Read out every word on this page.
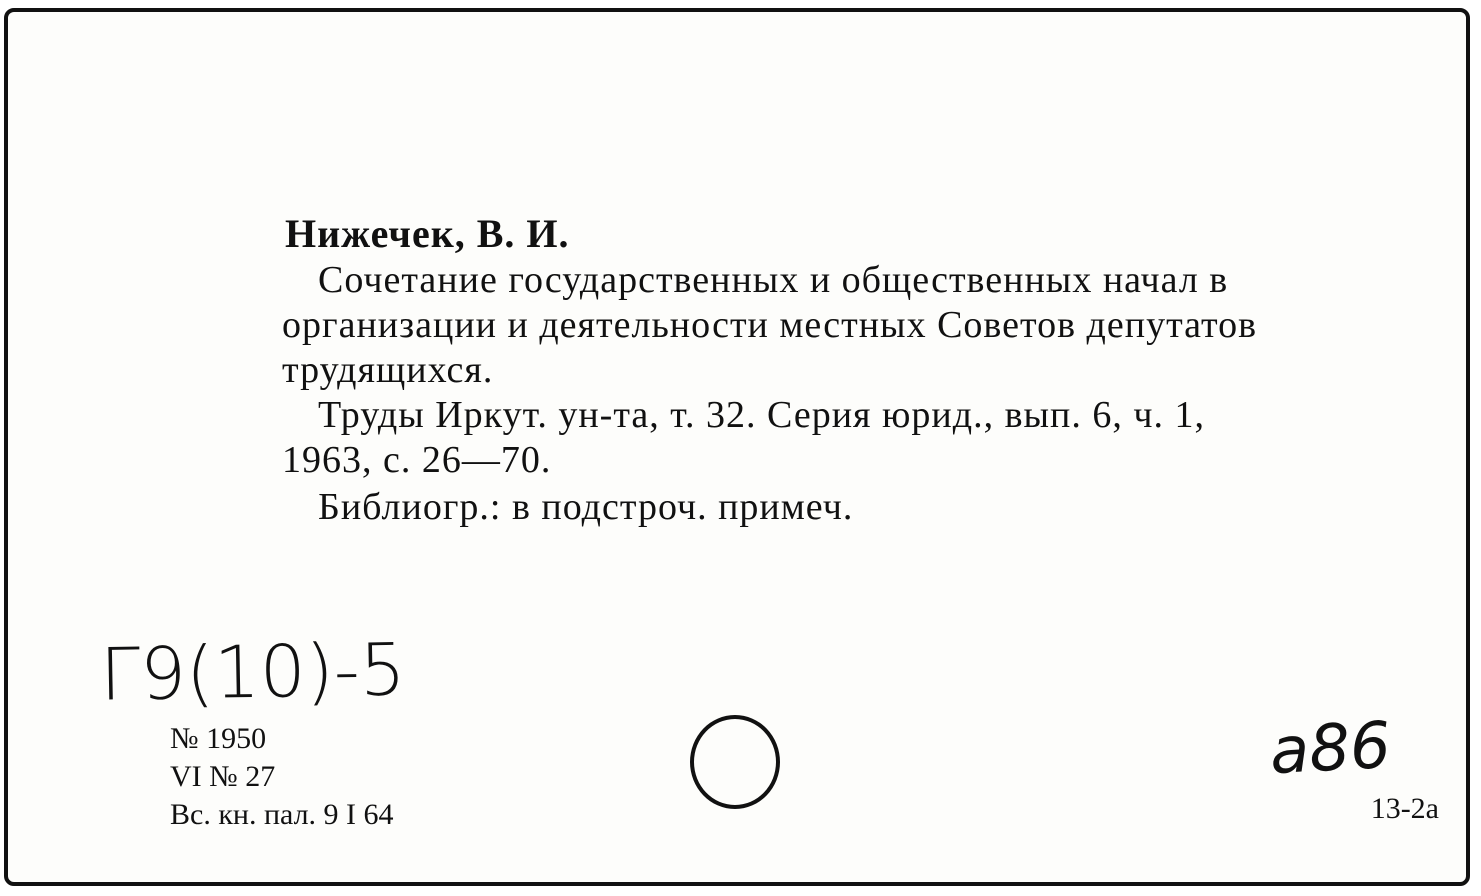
Нижечек, В. И.
Сочетание государственных и общественных начал в
организации и деятельности местных Советов депутатов
трудящихся.
Труды Иркут. ун-та, т. 32. Серия юрид., вып. 6, ч. 1,
1963, с. 26—70.
Библиогр.: в подстроч. примеч.
Г9(10)-5
№ 1950
VI № 27
Вс. кн. пал. 9 I 64
а86
13-2а
